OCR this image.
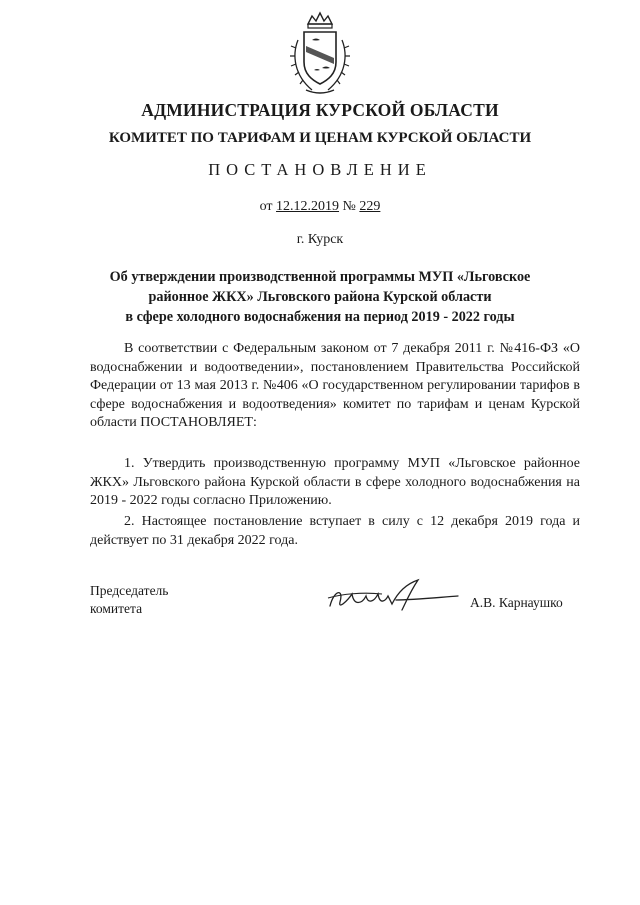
АДМИНИСТРАЦИЯ КУРСКОЙ ОБЛАСТИ
КОМИТЕТ ПО ТАРИФАМ И ЦЕНАМ КУРСКОЙ ОБЛАСТИ
ПОСТАНОВЛЕНИЕ
от 12.12.2019 № 229
г. Курск
Об утверждении производственной программы МУП «Льговское
районное ЖКХ» Льговского района Курской области
в сфере холодного водоснабжения на период 2019 - 2022 годы
В соответствии с Федеральным законом от 7 декабря 2011 г. №416-ФЗ «О водоснабжении и водоотведении», постановлением Правительства Российской Федерации от 13 мая 2013 г. №406 «О государственном регулировании тарифов в сфере водоснабжения и водоотведения» комитет по тарифам и ценам Курской области ПОСТАНОВЛЯЕТ:
1. Утвердить производственную программу МУП «Льговское районное ЖКХ» Льговского района Курской области в сфере холодного водоснабжения на 2019 - 2022 годы согласно Приложению.
2. Настоящее постановление вступает в силу с 12 декабря 2019 года и действует по 31 декабря 2022 года.
Председатель
комитета	А.В. Карнаушко
